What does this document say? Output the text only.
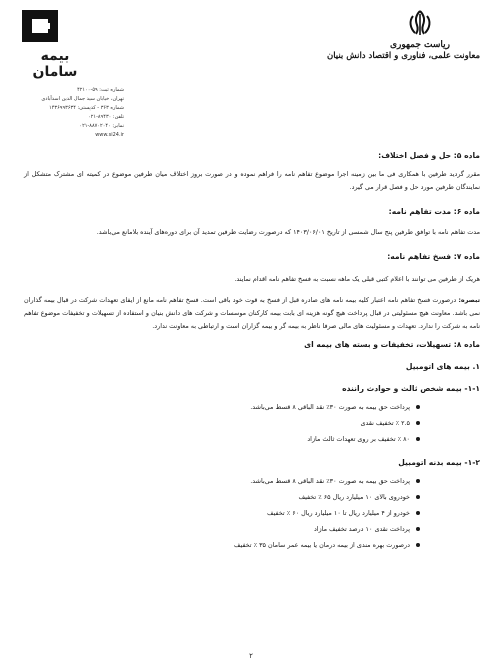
ریاست جمهوری
معاونت علمی، فناوری و اقتصاد دانش بنیان
بیمه سامان
شماره ثبت: ۵۹-۴۲۱۰۰
تهران، خیابان سید جمال الدین اسدآبادی
شماره ۳۶۳ - کدپستی: ۱۴۳۶۹۹۳۶۳۴
تلفن: ۸۹۴۳۰-۰۲۱
نمابر: ۸۸۷۰۲۰۴۰-۰۲۱
www.si24.ir

ماده ۵: حل و فصل اختلاف:

مقرر گردید طرفین با همکاری فی ما بین زمینه اجرا موضوع تفاهم نامه را فراهم نموده و در صورت بروز اختلاف میان طرفین موضوع در کمیته ای مشترک متشکل از نمایندگان طرفین مورد حل و فصل قرار می گیرد.

ماده ۶: مدت تفاهم نامه:

مدت تفاهم نامه با توافق طرفین پنج سال شمسی از تاریخ ۱۴۰۳/۰۶/۰۱ که درصورت رضایت طرفین تمدید آن برای دوره‌های آینده بلامانع می‌باشد.

ماده ۷: فسخ تفاهم نامه:

هریک از طرفین می توانند با اعلام کتبی قبلی یک ماهه نسبت به فسخ تفاهم نامه اقدام نمایند.

تبصره: درصورت فسخ تفاهم نامه اعتبار کلیه بیمه نامه های صادره قبل از فسخ به قوت خود باقی است. فسخ تفاهم نامه مانع از ایفای تعهدات شرکت در قبال بیمه گذاران نمی باشد. معاونت هیچ مسئولیتی در قبال پرداخت هیچ گونه هزینه ای بابت بیمه کارکنان موسسات و شرکت های دانش بنیان و استفاده از تسهیلات و تخفیفات موضوع تفاهم نامه به شرکت را ندارد. تعهدات و مسئولیت های مالی صرفا ناظر به بیمه گر و بیمه گزاران است و ارتباطی به معاونت ندارد.

ماده ۸: تسهیلات، تخفیفات و بسته های بیمه ای

۱. بیمه های اتومبیل

۱-۱- بیمه شخص ثالث و حوادث راننده

پرداخت حق بیمه به صورت ۳۰٪ نقد الباقی ۸ قسط می‌باشد.
۲.۵ ٪ تخفیف نقدی
۸۰ ٪ تخفیف بر روی تعهدات ثالث مازاد

۱-۲- بیمه بدنه اتومبیل

پرداخت حق بیمه به صورت ۳۰٪ نقد الباقی ۸ قسط می‌باشد.
خودروی بالای ۱۰ میلیارد ریال ۶۵ ٪ تخفیف
خودرو از ۴ میلیارد ریال تا ۱۰ میلیارد ریال ۶۰ ٪ تخفیف
پرداخت نقدی ۱۰ درصد تخفیف مازاد
درصورت بهره مندی از بیمه درمان یا بیمه عمر سامان ۳۵ ٪ تخفیف
۲
